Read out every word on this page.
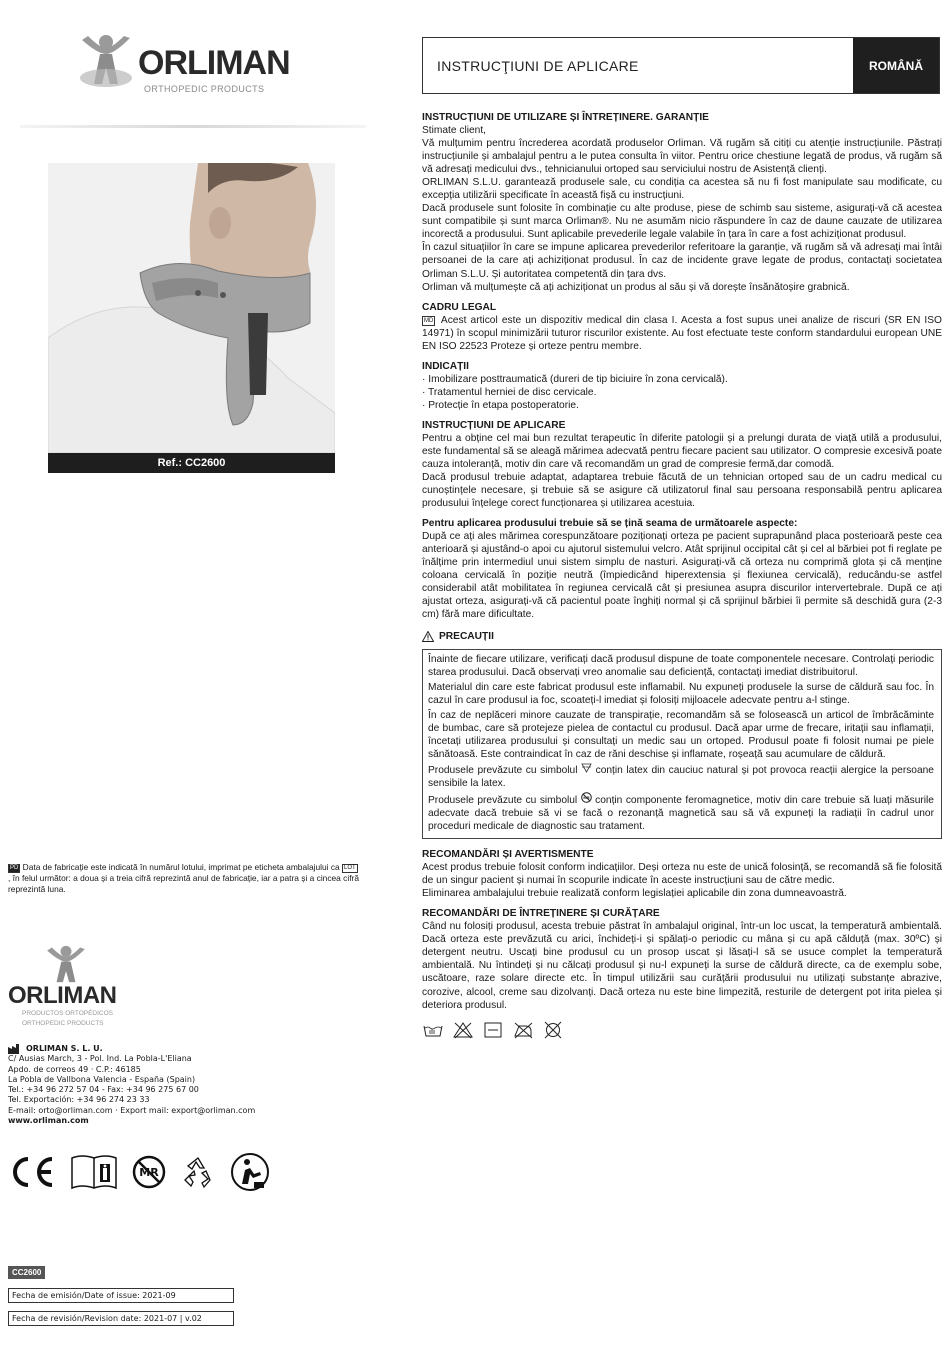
ORLIMAN
ORTHOPEDIC PRODUCTS
INSTRUCŢIUNI DE APLICARE	ROMÂNĂ
Ref.: CC2600
INSTRUCȚIUNI DE UTILIZARE ȘI ÎNTREȚINERE. GARANȚIE

Stimate client,

Vă mulțumim pentru încrederea acordată produselor Orliman. Vă rugăm să citiți cu atenție instrucțiunile. Păstrați instrucțiunile și ambalajul pentru a le putea consulta în viitor. Pentru orice chestiune legată de produs, vă rugăm să vă adresați medicului dvs., tehnicianului ortoped sau serviciului nostru de Asistență clienți.

ORLIMAN S.L.U. garantează produsele sale, cu condiția ca acestea să nu fi fost manipulate sau modificate, cu excepția utilizării specificate în această fișă cu instrucțiuni.

Dacă produsele sunt folosite în combinație cu alte produse, piese de schimb sau sisteme, asigurați-vă că acestea sunt compatibile și sunt marca Orliman®. Nu ne asumăm nicio răspundere în caz de daune cauzate de utilizarea incorectă a produsului. Sunt aplicabile prevederile legale valabile în țara în care a fost achiziționat produsul.

În cazul situațiilor în care se impune aplicarea prevederilor referitoare la garanție, vă rugăm să vă adresați mai întâi persoanei de la care ați achiziționat produsul. În caz de incidente grave legate de produs, contactați societatea Orliman S.L.U. Și autoritatea competentă din țara dvs.

Orliman vă mulțumește că ați achiziționat un produs al său și vă dorește însănătoșire grabnică.

CADRU LEGAL

MD Acest articol este un dispozitiv medical din clasa I. Acesta a fost supus unei analize de riscuri (SR EN ISO 14971) în scopul minimizării tuturor riscurilor existente. Au fost efectuate teste conform standardului european UNE EN ISO 22523 Proteze și orteze pentru membre.

INDICAȚII
· Imobilizare posttraumatică (dureri de tip biciuire în zona cervicală).
· Tratamentul herniei de disc cervicale.
· Protecție în etapa postoperatorie.
INSTRUCȚIUNI DE APLICARE

Pentru a obține cel mai bun rezultat terapeutic în diferite patologii și a prelungi durata de viață utilă a produsului, este fundamental să se aleagă mărimea adecvată pentru fiecare pacient sau utilizator. O compresie excesivă poate cauza intoleranță, motiv din care vă recomandăm un grad de compresie fermă,dar comodă.

Dacă produsul trebuie adaptat, adaptarea trebuie făcută de un tehnician ortoped sau de un cadru medical cu cunoștințele necesare, și trebuie să se asigure că utilizatorul final sau persoana responsabilă pentru aplicarea produsului înțelege corect funcționarea și utilizarea acestuia.

Pentru aplicarea produsului trebuie să se țină seama de următoarele aspecte:

După ce ați ales mărimea corespunzătoare poziționați orteza pe pacient suprapunând placa posterioară peste cea anterioară și ajustând-o apoi cu ajutorul sistemului velcro. Atât sprijinul occipital cât și cel al bărbiei pot fi reglate pe înălțime prin intermediul unui sistem simplu de nasturi. Asigurați-vă că orteza nu comprimă glota și că menține coloana cervicală în poziție neutră (împiedicând hiperextensia și flexiunea cervicală), reducându-se astfel considerabil atât mobilitatea în regiunea cervicală cât și presiunea asupra discurilor intervertebrale. După ce ați ajustat orteza, asigurați-vă că pacientul poate înghiți normal și că sprijinul bărbiei îi permite să deschidă gura (2-3 cm) fără mare dificultate.

PRECAUȚII

Înainte de fiecare utilizare, verificați dacă produsul dispune de toate componentele necesare. Controlați periodic starea produsului. Dacă observați vreo anomalie sau deficiență, contactați imediat distribuitorul.

Materialul din care este fabricat produsul este inflamabil. Nu expuneți produsele la surse de căldură sau foc. În cazul în care produsul ia foc, scoateți-l imediat și folosiți mijloacele adecvate pentru a-l stinge.

În caz de neplăceri minore cauzate de transpirație, recomandăm să se folosească un articol de îmbrăcăminte de bumbac, care să protejeze pielea de contactul cu produsul. Dacă apar urme de frecare, iritații sau inflamații, încetați utilizarea produsului și consultați un medic sau un ortoped. Produsul poate fi folosit numai pe piele sănătoasă. Este contraindicat în caz de răni deschise și inflamate, roșeață sau acumulare de căldură.

Produsele prevăzute cu simbolul LATEX conțin latex din cauciuc natural și pot provoca reacții alergice la persoane sensibile la latex.

Produsele prevăzute cu simbolul MR conțin componente feromagnetice, motiv din care trebuie să luați măsurile adecvate dacă trebuie să vi se facă o rezonanță magnetică sau să vă expuneți la radiații în cadrul unor proceduri medicale de diagnostic sau tratament.

RECOMANDĂRI ȘI AVERTISMENTE

Acest produs trebuie folosit conform indicațiilor. Deși orteza nu este de unică folosință, se recomandă să fie folosită de un singur pacient și numai în scopurile indicate în aceste instrucțiuni sau de către medic.

Eliminarea ambalajului trebuie realizată conform legislației aplicabile din zona dumneavoastră.

RECOMANDĂRI DE ÎNTREȚINERE ȘI CURĂȚARE

Când nu folosiți produsul, acesta trebuie păstrat în ambalajul original, într-un loc uscat, la temperatură ambientală. Dacă orteza este prevăzută cu arici, închideți-i și spălați-o periodic cu mâna și cu apă călduță (max. 30ºC) și detergent neutru. Uscați bine produsul cu un prosop uscat și lăsați-l să se usuce complet la temperatură ambientală. Nu întindeți și nu călcați produsul și nu-l expuneți la surse de căldură directe, ca de exemplu sobe, uscătoare, raze solare directe etc. În timpul utilizării sau curățării produsului nu utilizați substanțe abrazive, corozive, alcool, creme sau dizolvanți. Dacă orteza nu este bine limpezită, resturile de detergent pot irita pielea și deteriora produsul.

PD Data de fabricație este indicată în numărul lotului, imprimat pe eticheta ambalajului ca LOT, în felul următor: a doua și a treia cifră reprezintă anul de fabricație, iar a patra și a cincea cifră reprezintă luna.
ORLIMAN
PRODUCTOS ORTOPÉDICOS
ORTHOPEDIC PRODUCTS
ORLIMAN S. L. U.
C/ Ausias March, 3 - Pol. Ind. La Pobla-L'Eliana
Apdo. de correos 49 · C.P.: 46185
La Pobla de Vallbona Valencia - España (Spain)
Tel.: +34 96 272 57 04 - Fax: +34 96 275 67 00
Tel. Exportación: +34 96 274 23 33
E-mail: orto@orliman.com · Export mail: export@orliman.com
www.orliman.com
MR
CC2600
Fecha de emisión/Date of issue: 2021-09
Fecha de revisión/Revision date: 2021-07 | v.02
